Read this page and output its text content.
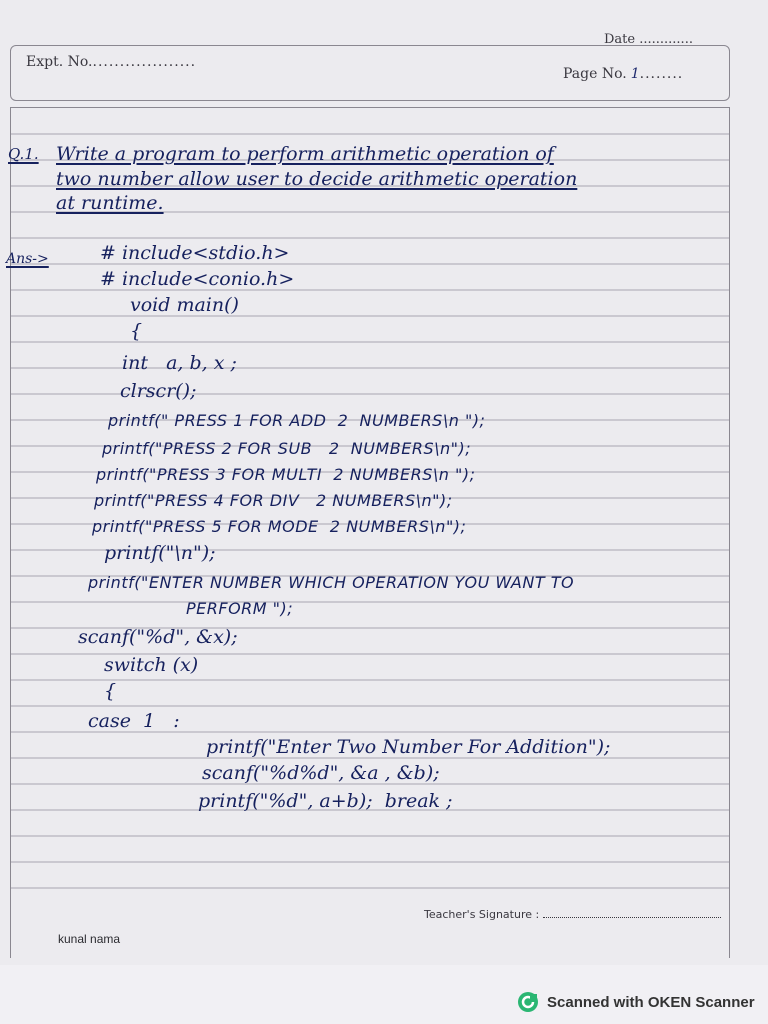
Expt. No....................
Date .............
Page No. 1........
Q.1. Write a program to perform arithmetic operation of
two number allow user to decide arithmetic operation
at runtime.
Ans->	# include<stdio.h>
# include<conio.h>
void main()
{
int   a, b, x ;
clrscr();
printf(" PRESS 1 FOR ADD  2  NUMBERS\n ");
printf("PRESS 2 FOR SUB   2  NUMBERS\n");
printf("PRESS 3 FOR MULTI  2 NUMBERS\n ");
printf("PRESS 4 FOR DIV   2 NUMBERS\n");
printf("PRESS 5 FOR MODE  2 NUMBERS\n");
printf("\n");
printf("ENTER NUMBER WHICH OPERATION YOU WANT TO
PERFORM ");
scanf("%d", &x);
switch (x)
{
case  1   :
printf("Enter Two Number For Addition");
scanf("%d%d", &a , &b);
printf("%d", a+b);  break ;
Teacher's Signature :
kunal nama
Scanned with OKEN Scanner
